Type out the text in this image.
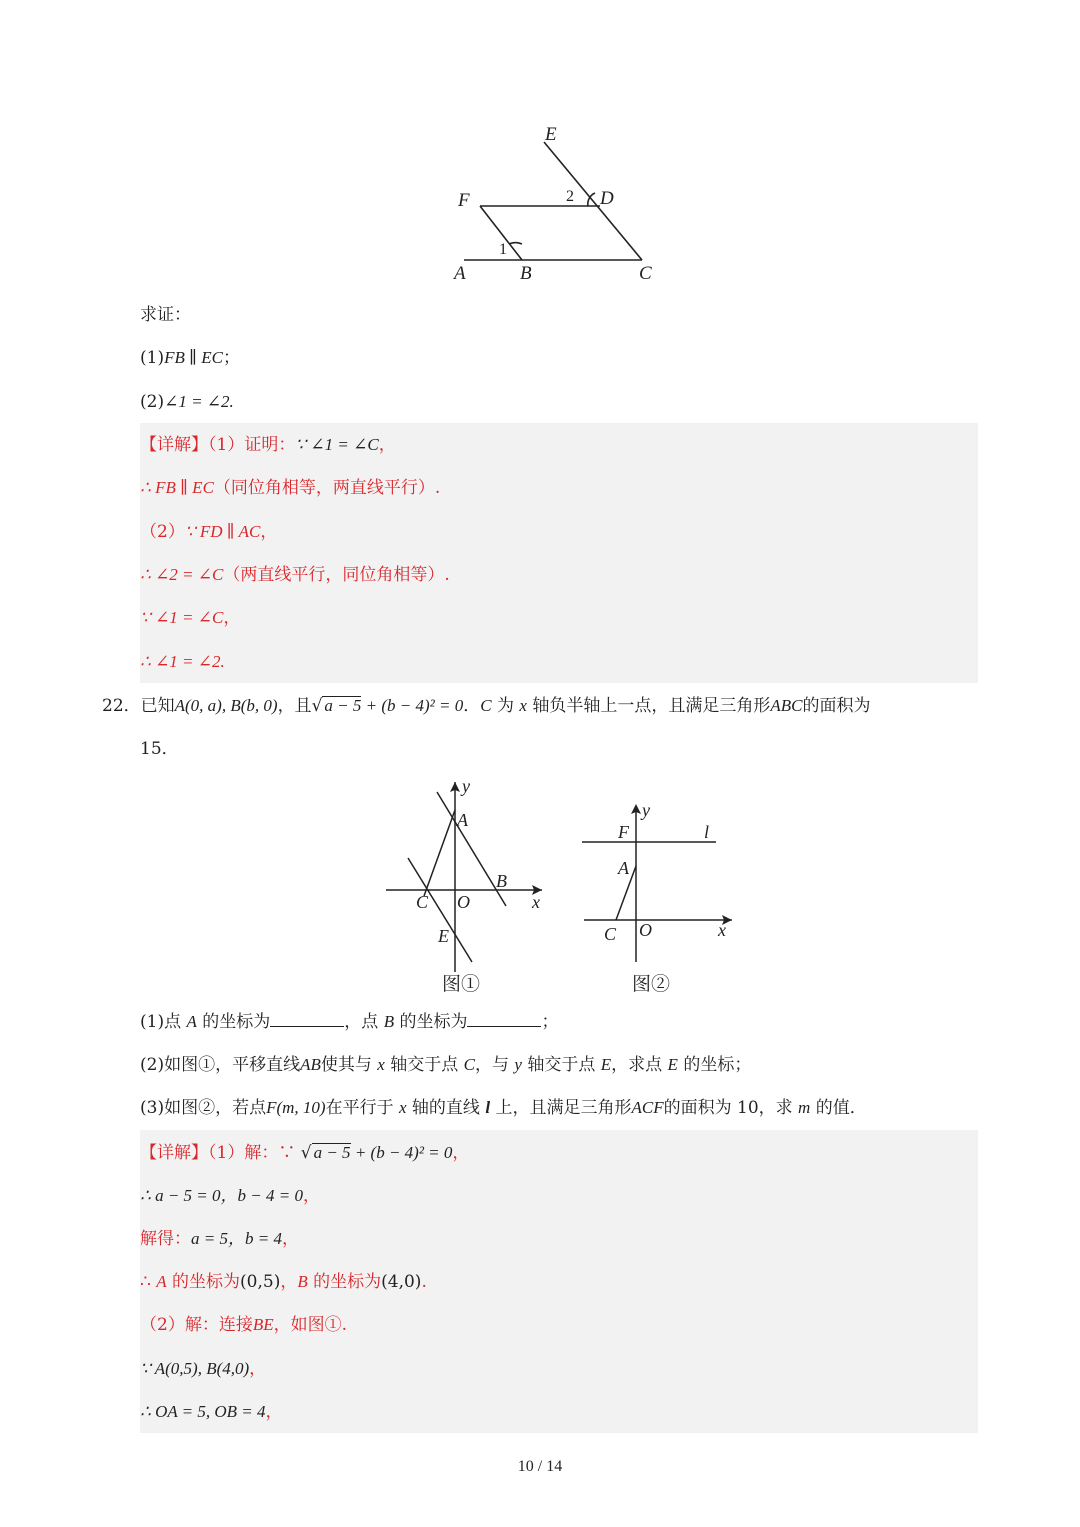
E
F	D
A	B	C
1
2
求证：
(1)FB ∥ EC；
(2)∠1 = ∠2.
【详解】（1）证明：∵ ∠1 = ∠C，
∴ FB ∥ EC（同位角相等，两直线平行）.
（2）∵ FD ∥ AC，
∴ ∠2 = ∠C（两直线平行，同位角相等）.
∵ ∠1 = ∠C，
∴ ∠1 = ∠2.
22．已知A(0, a), B(b, 0)，且√ a − 5 + (b − 4)² = 0．C 为 x 轴负半轴上一点，且满足三角形ABC的面积为
15．
y
A
B
C O	x
E
图①
y
F	l
A
C O	x
图②
(1)点 A 的坐标为	，点 B 的坐标为	；
(2)如图①，平移直线AB使其与 x 轴交于点 C，与 y 轴交于点 E，求点 E 的坐标；
(3)如图②，若点F(m, 10)在平行于 x 轴的直线 l 上，且满足三角形ACF的面积为 10，求 m 的值．
【详解】（1）解：∵ √ a − 5 + (b − 4)² = 0，
∴ a − 5 = 0，b − 4 = 0，
解得：a = 5，b = 4，
∴ A 的坐标为(0,5)，B 的坐标为(4,0).
（2）解：连接BE，如图①.
∵ A(0,5), B(4,0)，
∴ OA = 5, OB = 4，
10 / 14
